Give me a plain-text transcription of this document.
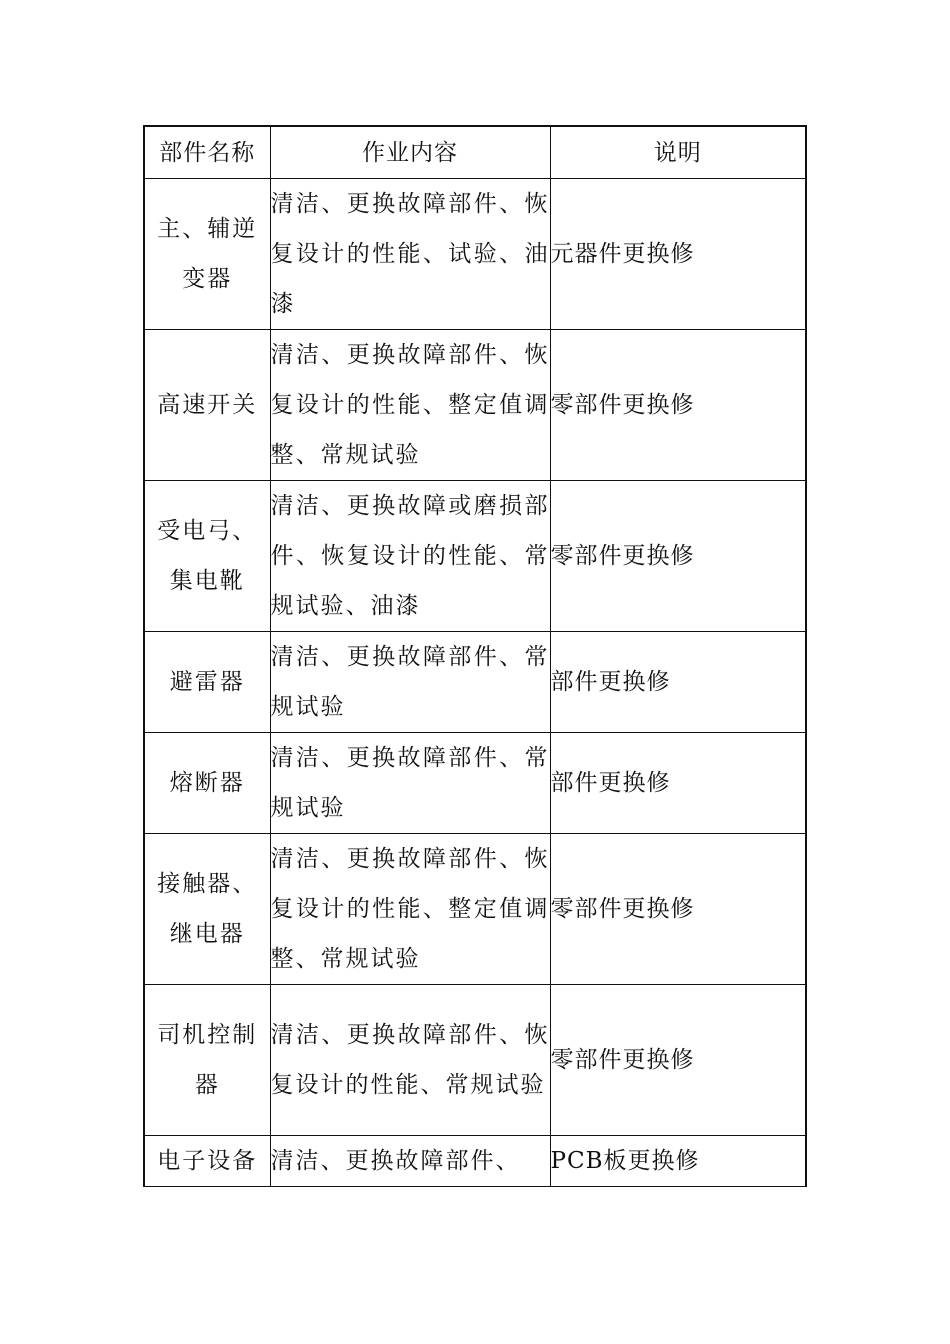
部件名称	作业内容	说明
主、辅逆变器	清洁、更换故障部件、恢复设计的性能、试验、油漆	元器件更换修
高速开关	清洁、更换故障部件、恢复设计的性能、整定值调整、常规试验	零部件更换修
受电弓、集电靴	清洁、更换故障或磨损部件、恢复设计的性能、常规试验、油漆	零部件更换修
避雷器	清洁、更换故障部件、常规试验	部件更换修
熔断器	清洁、更换故障部件、常规试验	部件更换修
接触器、继电器	清洁、更换故障部件、恢复设计的性能、整定值调整、常规试验	零部件更换修
司机控制器	清洁、更换故障部件、恢复设计的性能、常规试验	零部件更换修
电子设备	清洁、更换故障部件、	PCB板更换修
